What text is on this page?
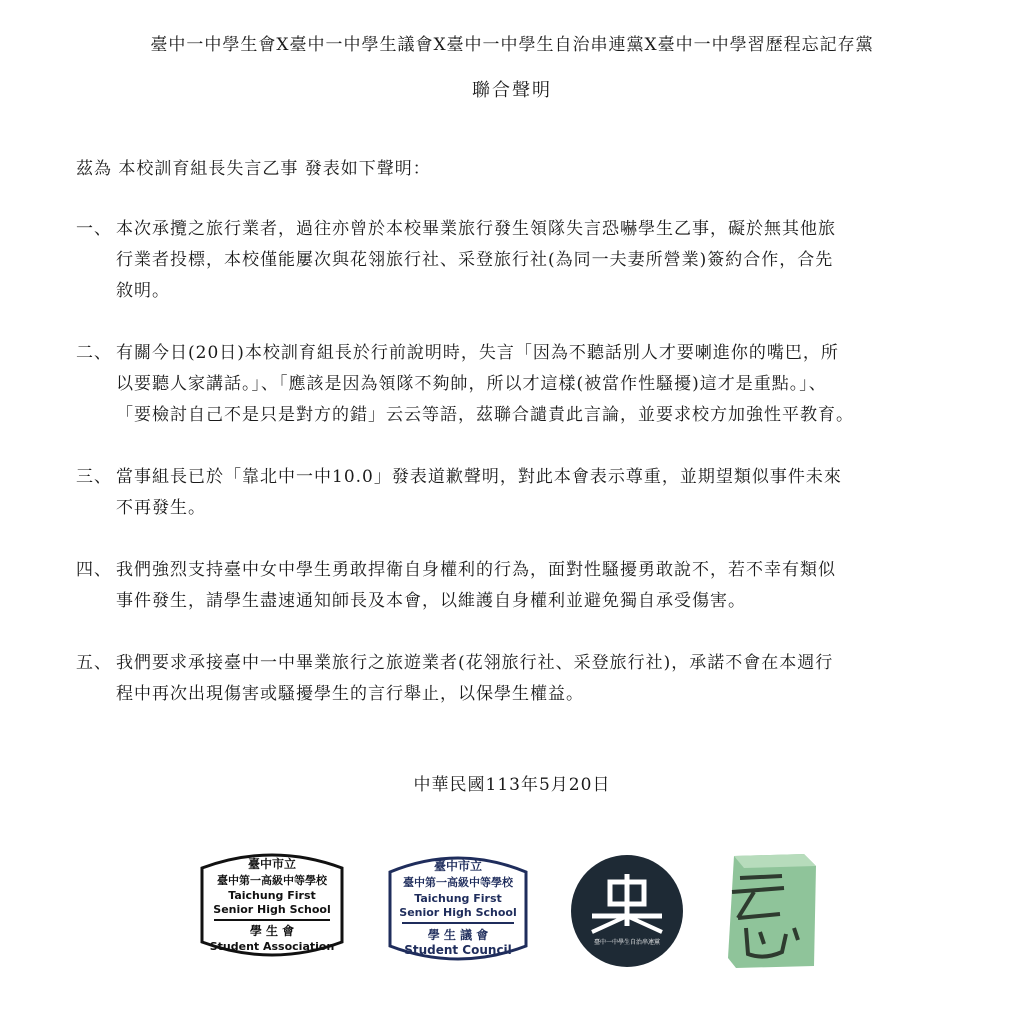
臺中一中學生會X臺中一中學生議會X臺中一中學生自治串連黨X臺中一中學習歷程忘記存黨
聯合聲明
茲為 本校訓育組長失言乙事 發表如下聲明：
一、 本次承攬之旅行業者，過往亦曾於本校畢業旅行發生領隊失言恐嚇學生乙事，礙於無其他旅
行業者投標，本校僅能屢次與花翎旅行社、采登旅行社(為同一夫妻所營業)簽約合作，合先
敘明。
二、 有關今日(20日)本校訓育組長於行前說明時，失言「因為不聽話別人才要喇進你的嘴巴，所
以要聽人家講話。」、「應該是因為領隊不夠帥，所以才這樣(被當作性騷擾)這才是重點。」、
「要檢討自己不是只是對方的錯」云云等語，茲聯合譴責此言論，並要求校方加強性平教育。
三、 當事組長已於「靠北中一中10.0」發表道歉聲明，對此本會表示尊重，並期望類似事件未來
不再發生。
四、 我們強烈支持臺中女中學生勇敢捍衛自身權利的行為，面對性騷擾勇敢說不，若不幸有類似
事件發生，請學生盡速通知師長及本會，以維護自身權利並避免獨自承受傷害。
五、 我們要求承接臺中一中畢業旅行之旅遊業者(花翎旅行社、采登旅行社)，承諾不會在本週行
程中再次出現傷害或騷擾學生的言行舉止，以保學生權益。
中華民國113年5月20日
臺中市立
臺中第一高級中等學校
Taichung First
Senior High School
學 生 會
Student Association
臺中市立
臺中第一高級中等學校
Taichung First
Senior High School
學 生 議 會
Student Council
臺中一中學生自治串連黨
